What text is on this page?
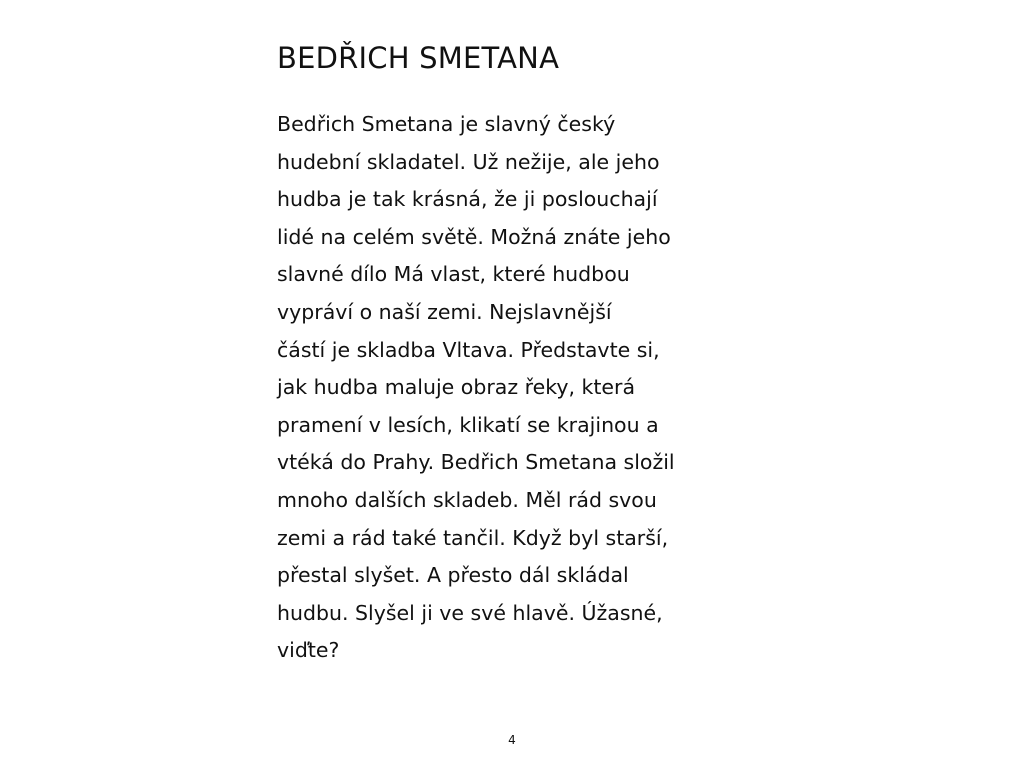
BEDŘICH SMETANA
Bedřich Smetana je slavný český
hudební skladatel. Už nežije, ale jeho
hudba je tak krásná, že ji poslouchají
lidé na celém světě. Možná znáte jeho
slavné dílo Má vlast, které hudbou
vypráví o naší zemi. Nejslavnější
částí je skladba Vltava. Představte si,
jak hudba maluje obraz řeky, která
pramení v lesích, klikatí se krajinou a
vtéká do Prahy. Bedřich Smetana složil
mnoho dalších skladeb. Měl rád svou
zemi a rád také tančil. Když byl starší,
přestal slyšet. A přesto dál skládal
hudbu. Slyšel ji ve své hlavě. Úžasné,
viďte?
4
